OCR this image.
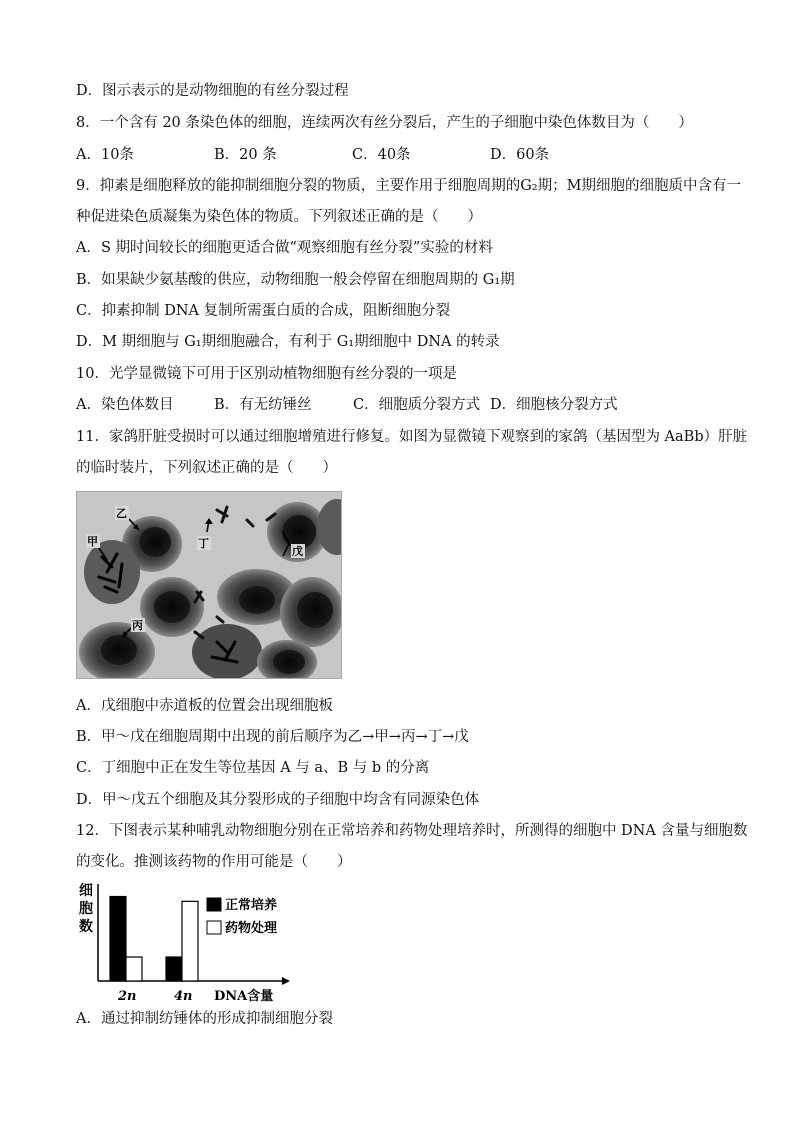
D．图示表示的是动物细胞的有丝分裂过程
8．一个含有 20 条染色体的细胞，连续两次有丝分裂后，产生的子细胞中染色体数目为（　　）
A．10条	B．20 条	C．40条	D．60条
9．抑素是细胞释放的能抑制细胞分裂的物质，主要作用于细胞周期的G₂期；M期细胞的细胞质中含有一
种促进染色质凝集为染色体的物质。下列叙述正确的是（　　）
A．S 期时间较长的细胞更适合做“观察细胞有丝分裂”实验的材料
B．如果缺少氨基酸的供应，动物细胞一般会停留在细胞周期的 G₁期
C．抑素抑制 DNA 复制所需蛋白质的合成，阻断细胞分裂
D．M 期细胞与 G₁期细胞融合，有利于 G₁期细胞中 DNA 的转录
10．光学显微镜下可用于区别动植物细胞有丝分裂的一项是
A．染色体数目	B．有无纺锤丝	C．细胞质分裂方式 D．细胞核分裂方式
11．家鸽肝脏受损时可以通过细胞增殖进行修复。如图为显微镜下观察到的家鸽（基因型为 AaBb）肝脏
的临时装片，下列叙述正确的是（　　）
乙
甲	丁
戊
丙
A．戊细胞中赤道板的位置会出现细胞板
B．甲～戊在细胞周期中出现的前后顺序为乙→甲→丙→丁→戊
C．丁细胞中正在发生等位基因 A 与 a、B 与 b 的分离
D．甲～戊五个细胞及其分裂形成的子细胞中均含有同源染色体
12．下图表示某种哺乳动物细胞分别在正常培养和药物处理培养时，所测得的细胞中 DNA 含量与细胞数
的变化。推测该药物的作用可能是（　　）
细
胞
数
2n	4n DNA含量
正常培养
药物处理
A．通过抑制纺锤体的形成抑制细胞分裂
